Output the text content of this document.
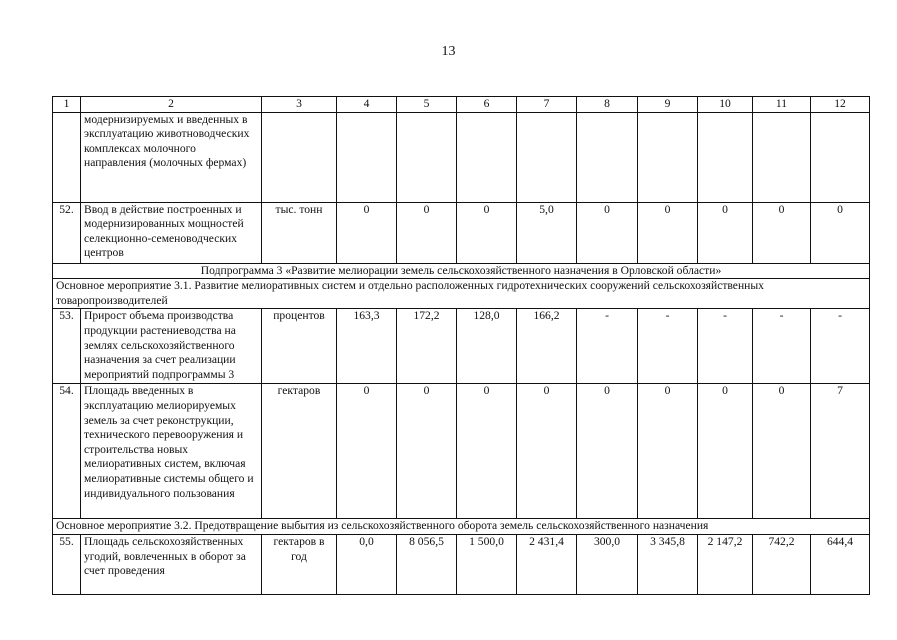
13
1	2	3	4	5	6	7	8	9	10	11	12
	модернизируемых и введенных в эксплуатацию животноводческих комплексах молочного направления (молочных фермах)										
52.	Ввод в действие построенных и модернизированных мощностей селекционно-семеноводческих центров	тыс. тонн	0	0	0	5,0	0	0	0	0	0
Подпрограмма 3 «Развитие мелиорации земель сельскохозяйственного назначения в Орловской области»											
Основное мероприятие 3.1. Развитие мелиоративных систем и отдельно расположенных гидротехнических сооружений сельскохозяйственных товаропроизводителей											
53.	Прирост объема производства продукции растениеводства на землях сельскохозяйственного назначения за счет реализации мероприятий подпрограммы 3	процентов	163,3	172,2	128,0	166,2	-	-	-	-	-
54.	Площадь введенных в эксплуатацию мелиорируемых земель за счет реконструкции, технического перевооружения и строительства новых мелиоративных систем, включая мелиоративные системы общего и индивидуального пользования	гектаров	0	0	0	0	0	0	0	0	7
Основное мероприятие 3.2. Предотвращение выбытия из сельскохозяйственного оборота земель сельскохозяйственного назначения											
55.	Площадь сельскохозяйственных угодий, вовлеченных в оборот за счет проведения	гектаров в год	0,0	8 056,5	1 500,0	2 431,4	300,0	3 345,8	2 147,2	742,2	644,4
